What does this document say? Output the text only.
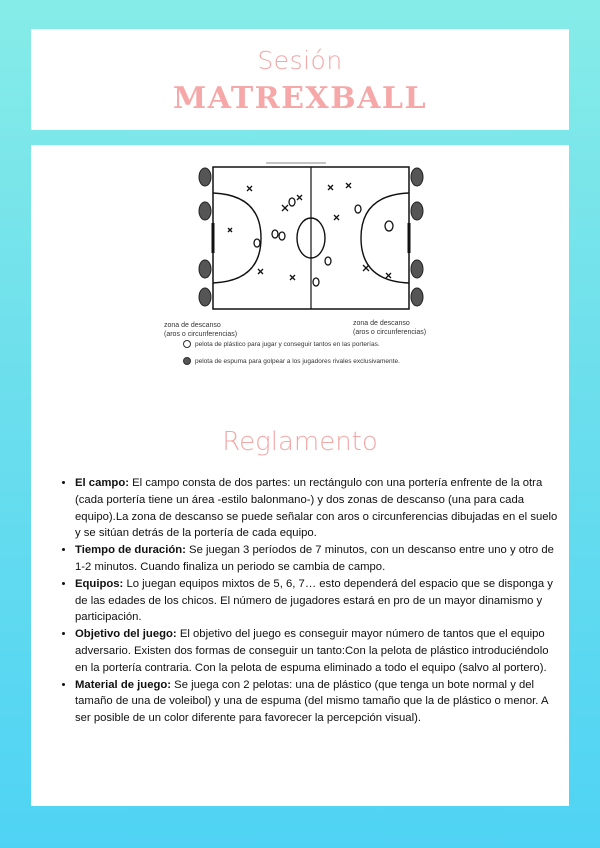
Sesión
MATREXBALL
zona de descanso
(aros o circunferencias)
zona de descanso
(aros o circunferencias)
pelota de plástico para jugar y conseguir tantos en las porterías.
pelota de espuma para golpear a los jugadores rivales exclusivamente.
Reglamento
• El campo: El campo consta de dos partes: un rectángulo con una portería enfrente de la otra (cada portería tiene un área -estilo balonmano-) y dos zonas de descanso (una para cada equipo).La zona de descanso se puede señalar con aros o circunferencias dibujadas en el suelo y se sitúan detrás de la portería de cada equipo.
• Tiempo de duración: Se juegan 3 períodos de 7 minutos, con un descanso entre uno y otro de 1-2 minutos. Cuando finaliza un periodo se cambia de campo.
• Equipos: Lo juegan equipos mixtos de 5, 6, 7… esto dependerá del espacio que se disponga y de las edades de los chicos. El número de jugadores estará en pro de un mayor dinamismo y participación.
• Objetivo del juego: El objetivo del juego es conseguir mayor número de tantos que el equipo adversario. Existen dos formas de conseguir un tanto:Con la pelota de plástico introduciéndolo en la portería contraria. Con la pelota de espuma eliminado a todo el equipo (salvo al portero).
• Material de juego: Se juega con 2 pelotas: una de plástico (que tenga un bote normal y del tamaño de una de voleibol) y una de espuma (del mismo tamaño que la de plástico o menor. A ser posible de un color diferente para favorecer la percepción visual).
